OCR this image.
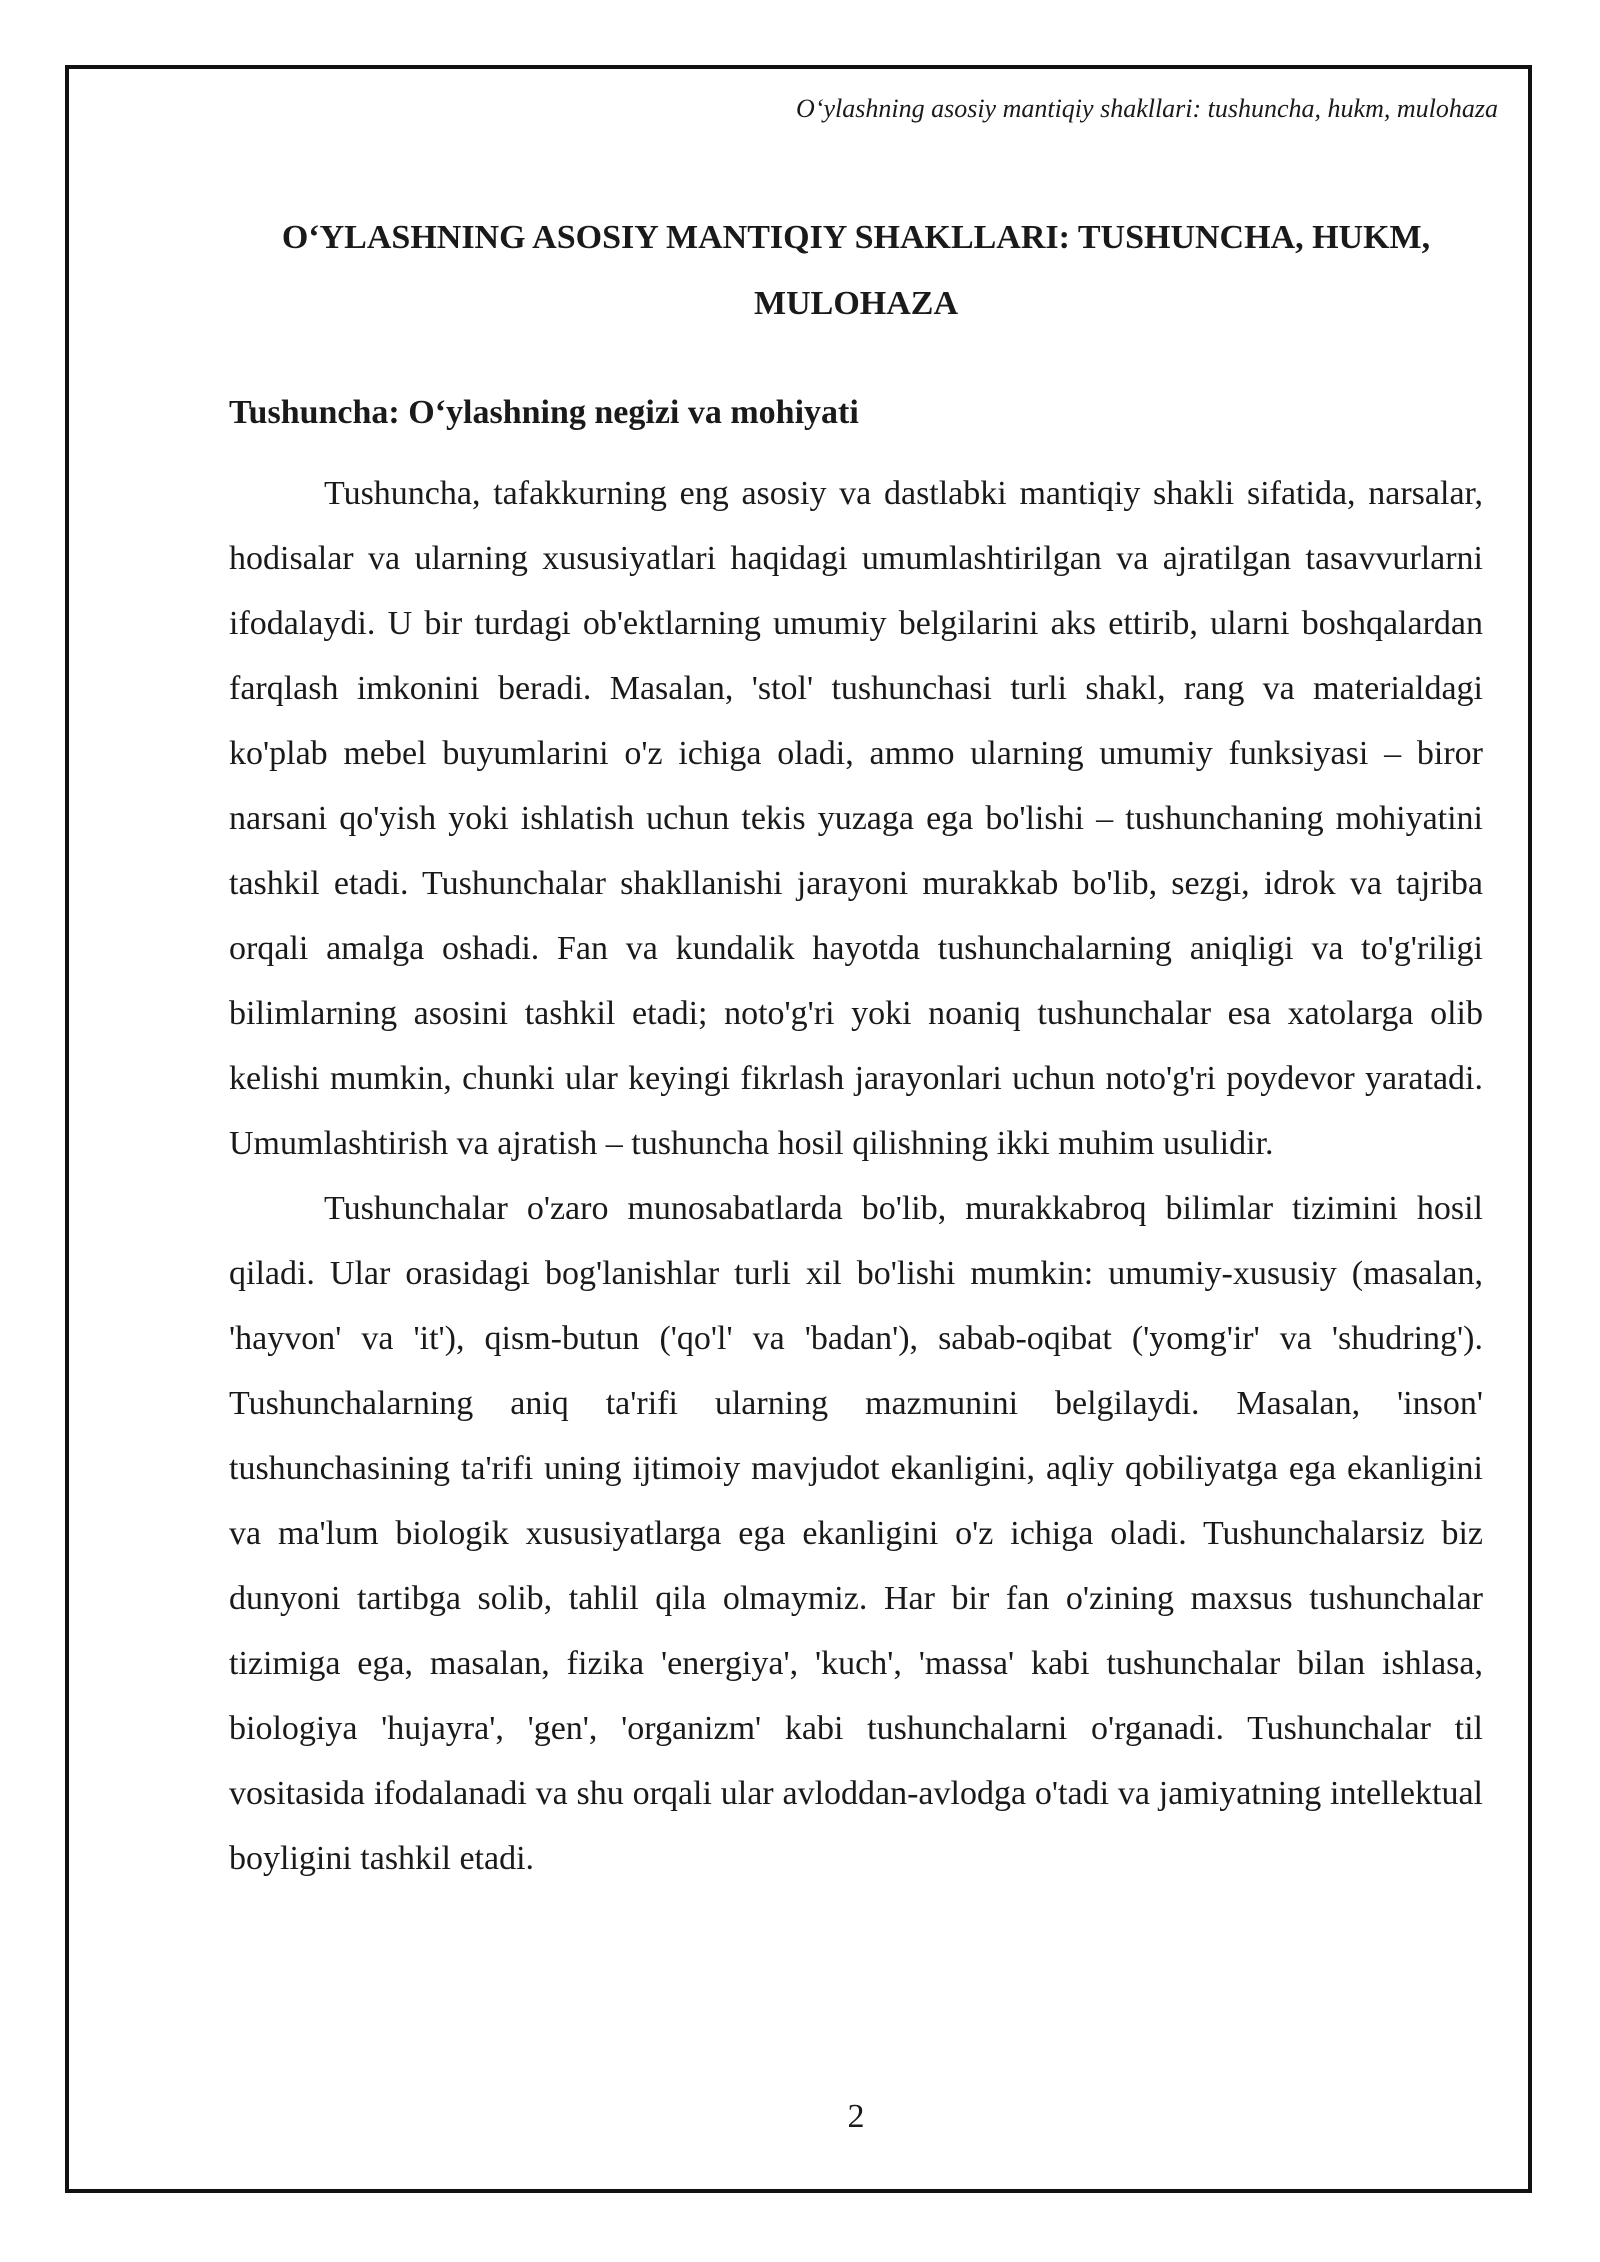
O‘ylashning asosiy mantiqiy shakllari: tushuncha, hukm, mulohaza
O‘YLASHNING ASOSIY MANTIQIY SHAKLLARI: TUSHUNCHA, HUKM, MULOHAZA
Tushuncha: O‘ylashning negizi va mohiyati

Tushuncha, tafakkurning eng asosiy va dastlabki mantiqiy shakli sifatida, narsalar, hodisalar va ularning xususiyatlari haqidagi umumlashtirilgan va ajratilgan tasavvurlarni ifodalaydi. U bir turdagi ob'ektlarning umumiy belgilarini aks ettirib, ularni boshqalardan farqlash imkonini beradi. Masalan, 'stol' tushunchasi turli shakl, rang va materialdagi ko'plab mebel buyumlarini o'z ichiga oladi, ammo ularning umumiy funksiyasi – biror narsani qo'yish yoki ishlatish uchun tekis yuzaga ega bo'lishi – tushunchaning mohiyatini tashkil etadi. Tushunchalar shakllanishi jarayoni murakkab bo'lib, sezgi, idrok va tajriba orqali amalga oshadi. Fan va kundalik hayotda tushunchalarning aniqligi va to'g'riligi bilimlarning asosini tashkil etadi; noto'g'ri yoki noaniq tushunchalar esa xatolarga olib kelishi mumkin, chunki ular keyingi fikrlash jarayonlari uchun noto'g'ri poydevor yaratadi. Umumlashtirish va ajratish – tushuncha hosil qilishning ikki muhim usulidir.

Tushunchalar o'zaro munosabatlarda bo'lib, murakkabroq bilimlar tizimini hosil qiladi. Ular orasidagi bog'lanishlar turli xil bo'lishi mumkin: umumiy-xususiy (masalan, 'hayvon' va 'it'), qism-butun ('qo'l' va 'badan'), sabab-oqibat ('yomg'ir' va 'shudring'). Tushunchalarning aniq ta'rifi ularning mazmunini belgilaydi. Masalan, 'inson' tushunchasining ta'rifi uning ijtimoiy mavjudot ekanligini, aqliy qobiliyatga ega ekanligini va ma'lum biologik xususiyatlarga ega ekanligini o'z ichiga oladi. Tushunchalarsiz biz dunyoni tartibga solib, tahlil qila olmaymiz. Har bir fan o'zining maxsus tushunchalar tizimiga ega, masalan, fizika 'energiya', 'kuch', 'massa' kabi tushunchalar bilan ishlasa, biologiya 'hujayra', 'gen', 'organizm' kabi tushunchalarni o'rganadi. Tushunchalar til vositasida ifodalanadi va shu orqali ular avloddan-avlodga o'tadi va jamiyatning intellektual boyligini tashkil etadi.

2
